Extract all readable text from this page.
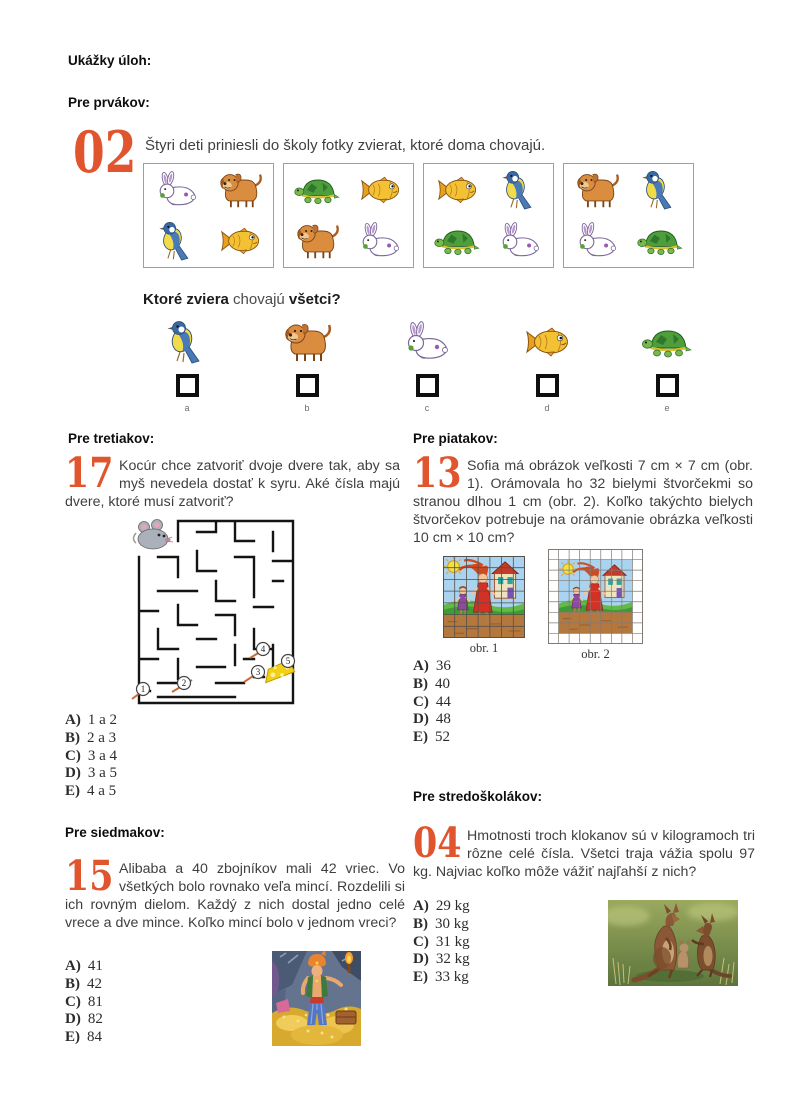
Ukážky úloh:
Pre prvákov:
02 Štyri deti priniesli do školy fotky zvierat, ktoré doma chovajú.
Ktoré zviera chovajú všetci?
a	b	c	d	e
Pre tretiakov:
17 Kocúr chce zatvoriť dvoje dvere tak, aby sa myš nevedela dostať k syru. Aké čísla majú dvere, ktoré musí zatvoriť?
1
2
3
4
5
A) 1 a 2
B) 2 a 3
C) 3 a 4
D) 3 a 5
E) 4 a 5
Pre piatakov:
13 Sofia má obrázok veľkosti 7 cm × 7 cm (obr. 1). Orámovala ho 32 bielymi štvorčekmi so stranou dlhou 1 cm (obr. 2). Koľko takýchto bielych štvorčekov potrebuje na orámovanie obrázka veľkosti 10 cm × 10 cm?
obr. 1	obr. 2
A) 36
B) 40
C) 44
D) 48
E) 52
Pre stredoškolákov:
04 Hmotnosti troch klokanov sú v kilogramoch tri rôzne celé čísla. Všetci traja vážia spolu 97 kg. Najviac koľko môže vážiť najľahší z nich?
A) 29 kg
B) 30 kg
C) 31 kg
D) 32 kg
E) 33 kg
Pre siedmakov:
15 Alibaba a 40 zbojníkov mali 42 vriec. Vo všetkých bolo rovnako veľa mincí. Rozdelili si ich rovným dielom. Každý z nich dostal jedno celé vrece a dve mince. Koľko mincí bolo v jednom vreci?
A) 41
B) 42
C) 81
D) 82
E) 84
